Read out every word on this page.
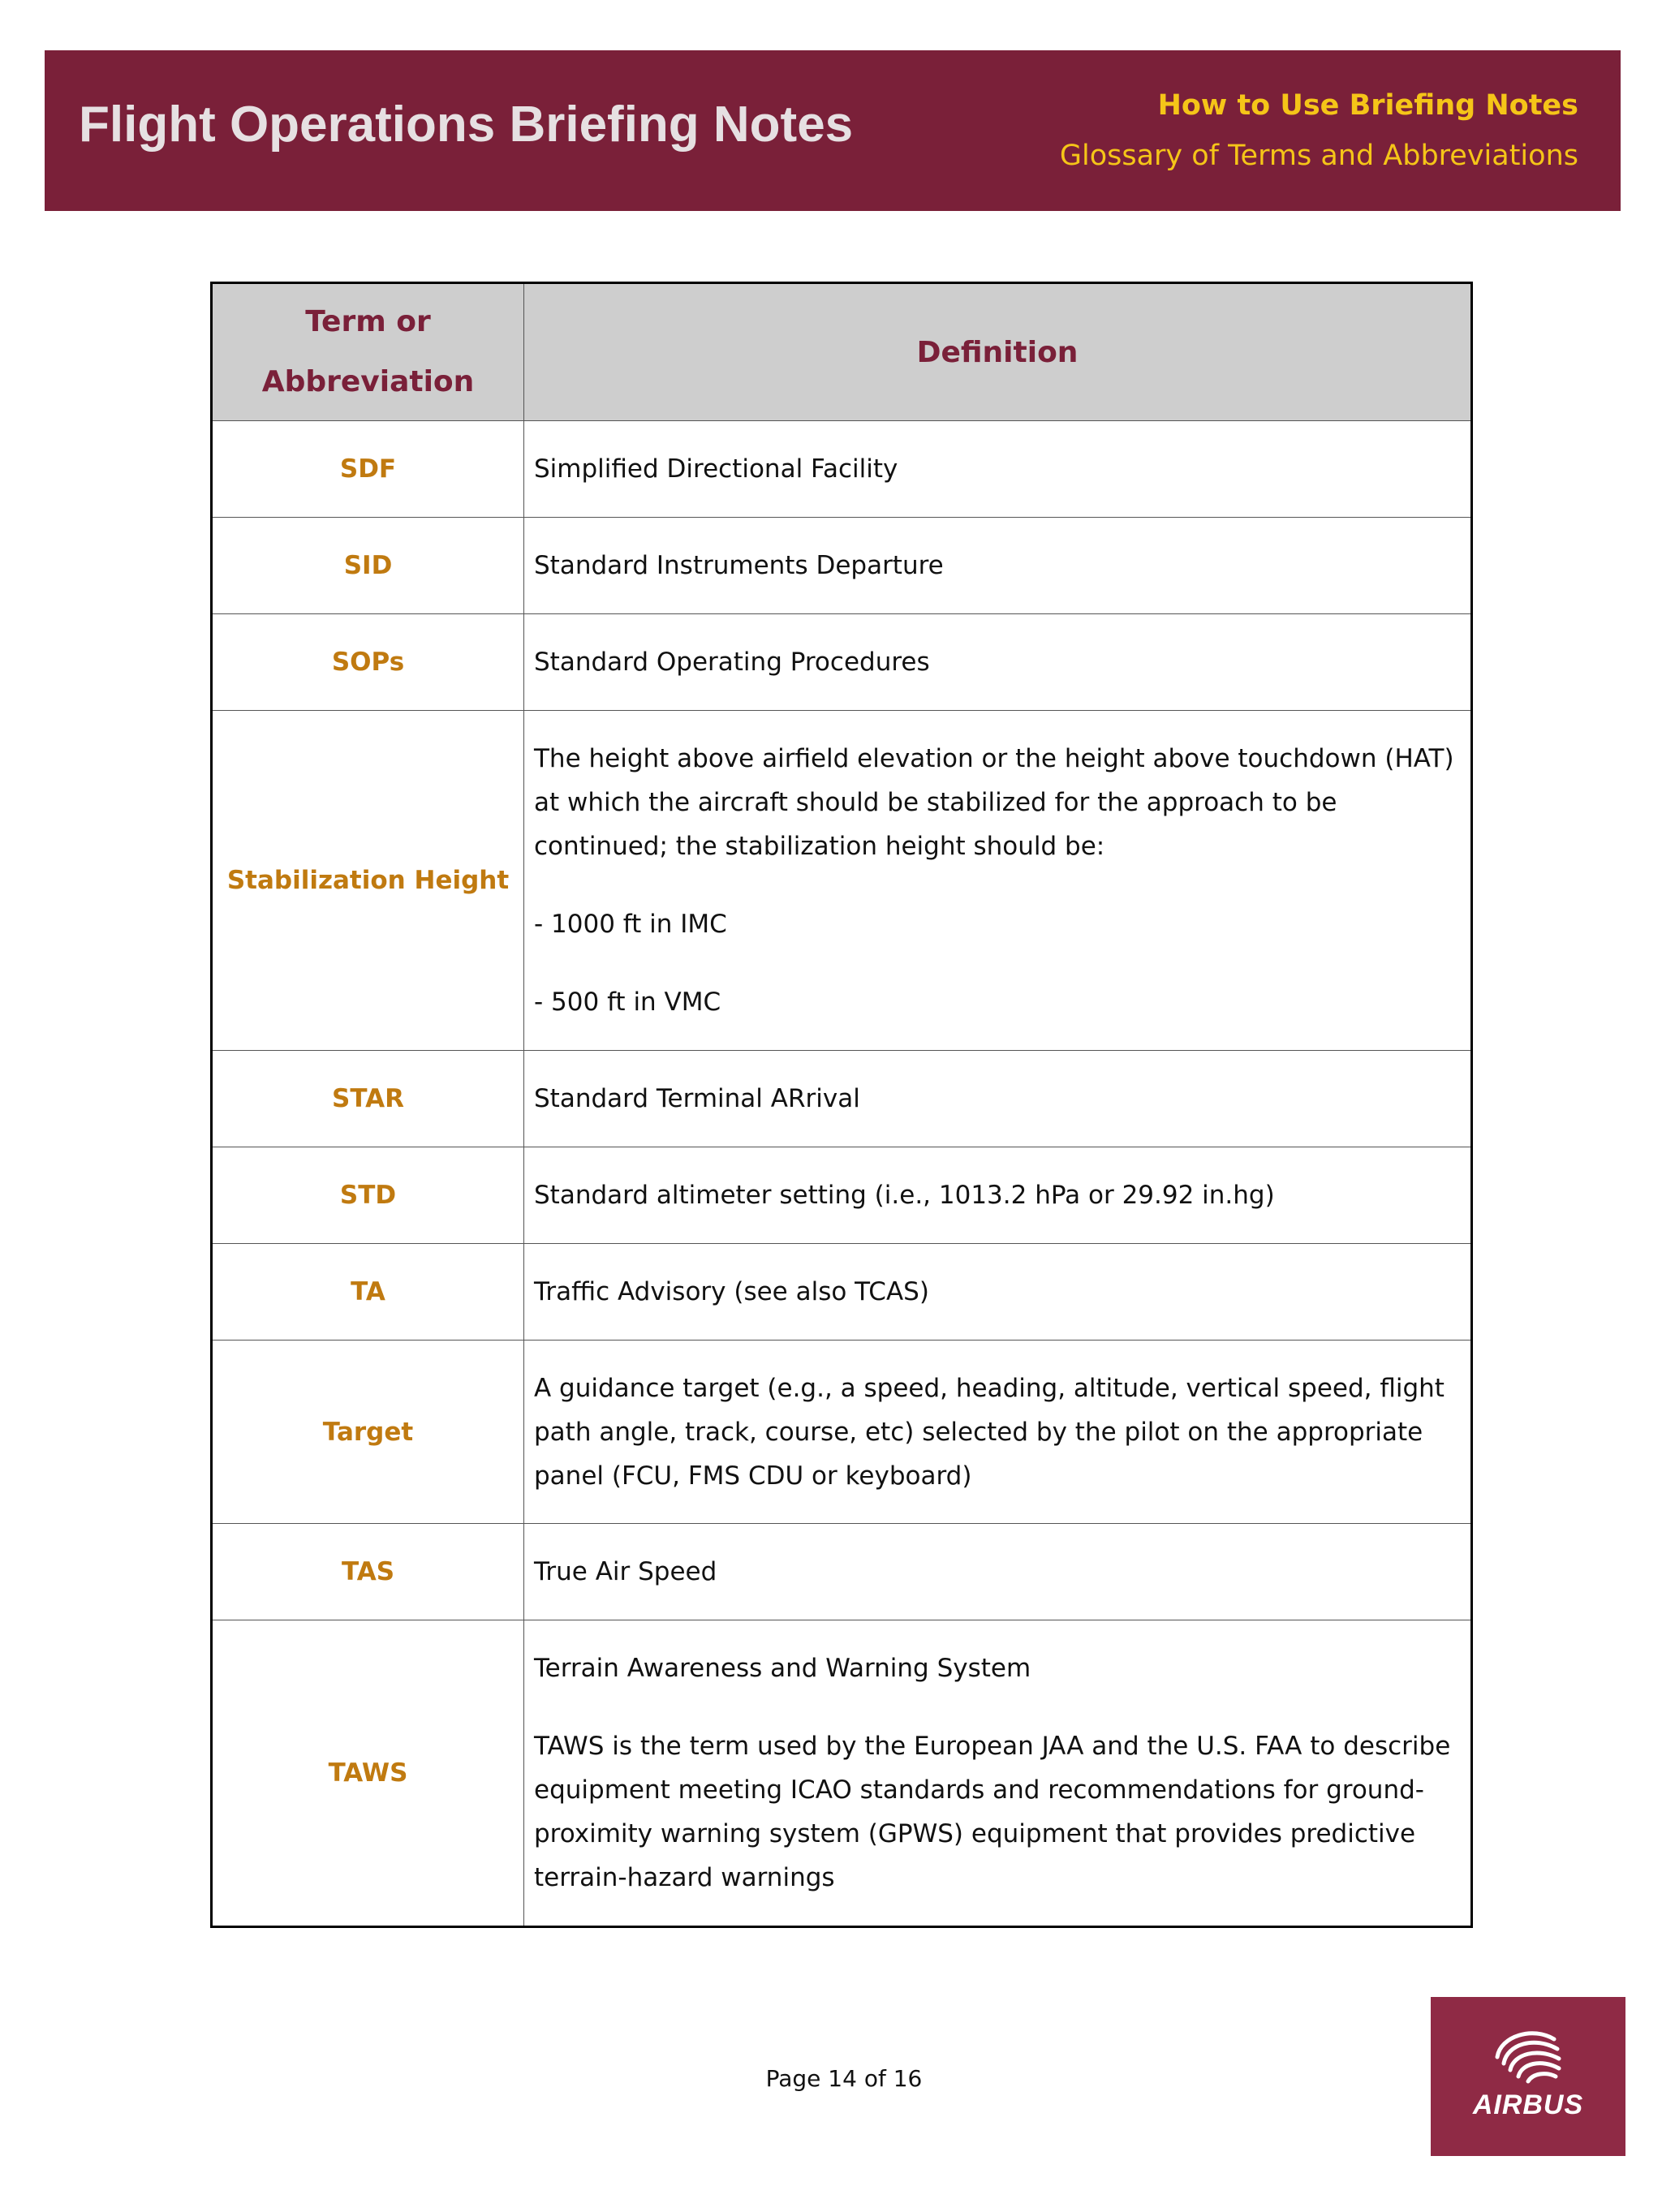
Flight Operations Briefing Notes	How to Use Briefing Notes
Glossary of Terms and Abbreviations
Term or
Abbreviation	Definition
SDF	Simplified Directional Facility
SID	Standard Instruments Departure
SOPs	Standard Operating Procedures
Stabilization Height	The height above airfield elevation or the height above touchdown (HAT) at which the aircraft should be stabilized for the approach to be continued; the stabilization height should be:

- 1000 ft in IMC

- 500 ft in VMC

STAR	Standard Terminal ARrival
STD	Standard altimeter setting (i.e., 1013.2 hPa or 29.92 in.hg)
TA	Traffic Advisory (see also TCAS)
Target	A guidance target (e.g., a speed, heading, altitude, vertical speed, flight path angle, track, course, etc) selected by the pilot on the appropriate panel (FCU, FMS CDU or keyboard)
TAS	True Air Speed
TAWS	Terrain Awareness and Warning System

TAWS is the term used by the European JAA and the U.S. FAA to describe equipment meeting ICAO standards and recommendations for ground-proximity warning system (GPWS) equipment that provides predictive terrain-hazard warnings

Page 14 of 16
AIRBUS
